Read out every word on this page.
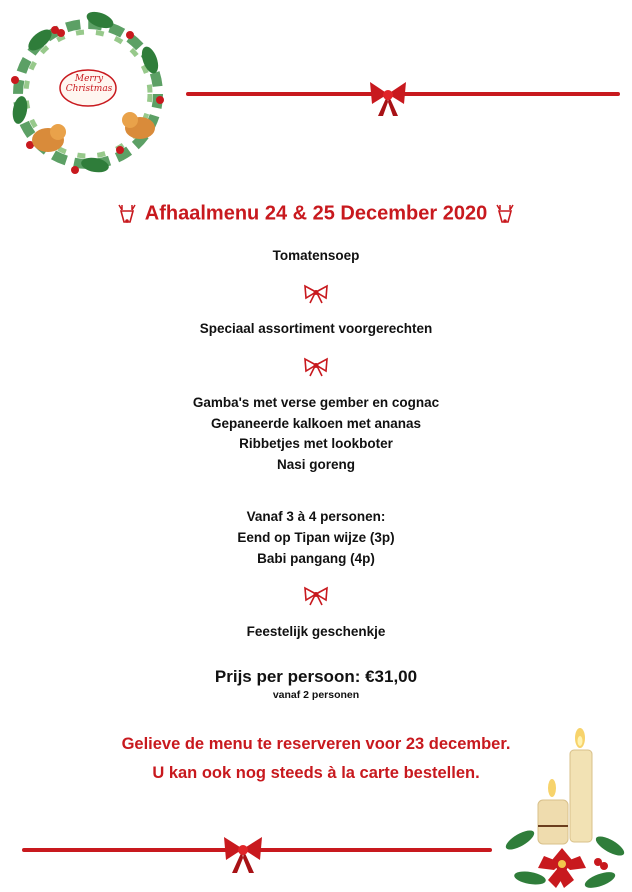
Merry Christmas
Afhaalmenu 24 & 25 December 2020
Tomatensoep
Speciaal assortiment voorgerechten
Gamba's met verse gember en cognac
Gepaneerde kalkoen met ananas
Ribbetjes met lookboter
Nasi goreng
Vanaf 3 à 4 personen:
Eend op Tipan wijze (3p)
Babi pangang (4p)
Feestelijk geschenkje
Prijs per persoon: €31,00
vanaf 2 personen
Gelieve de menu te reserveren voor 23 december.
U kan ook nog steeds à la carte bestellen.
